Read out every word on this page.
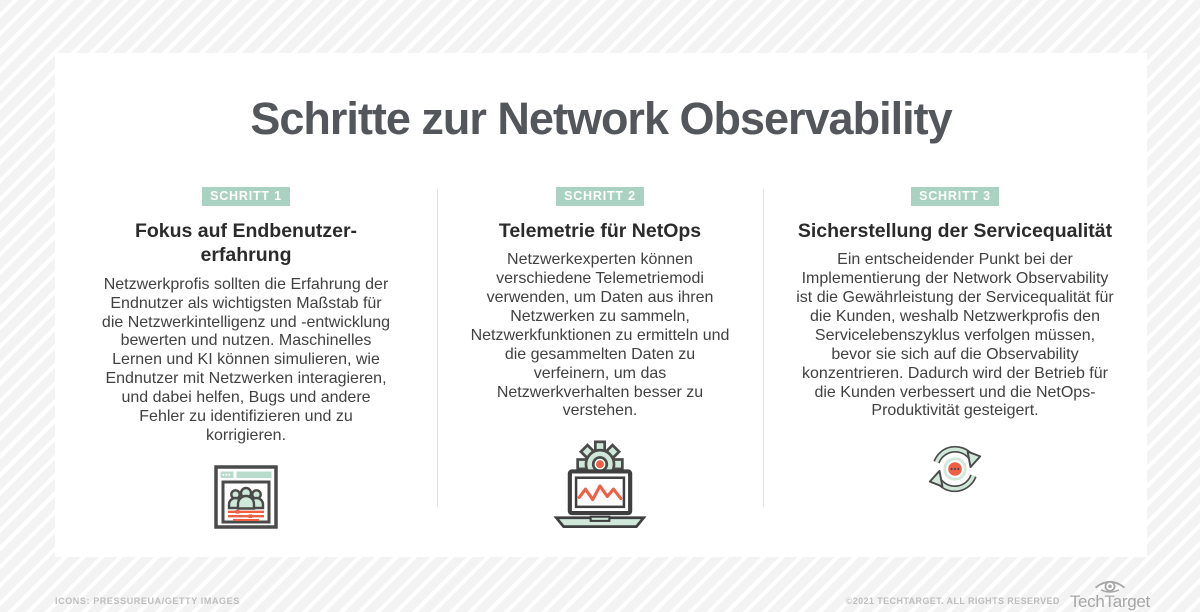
Schritte zur Network Observability
SCHRITT 1
Fokus auf Endbenutzer-erfahrung
Netzwerkprofis sollten die Erfahrung der Endnutzer als wichtigsten Maßstab für die Netzwerkintelligenz und -entwicklung bewerten und nutzen. Maschinelles Lernen und KI können simulieren, wie Endnutzer mit Netzwerken interagieren, und dabei helfen, Bugs und andere Fehler zu identifizieren und zu korrigieren.
SCHRITT 2
Telemetrie für NetOps
Netzwerkexperten können verschiedene Telemetriemodi verwenden, um Daten aus ihren Netzwerken zu sammeln, Netzwerkfunktionen zu ermitteln und die gesammelten Daten zu verfeinern, um das Netzwerkverhalten besser zu verstehen.
SCHRITT 3
Sicherstellung der Servicequalität
Ein entscheidender Punkt bei der Implementierung der Network Observability ist die Gewährleistung der Servicequalität für die Kunden, weshalb Netzwerkprofis den Servicelebenszyklus verfolgen müssen, bevor sie sich auf die Observability konzentrieren. Dadurch wird der Betrieb für die Kunden verbessert und die NetOps-Produktivität gesteigert.
ICONS: PRESSUREUA/GETTY IMAGES	©2021 TECHTARGET. ALL RIGHTS RESERVED TechTarget
